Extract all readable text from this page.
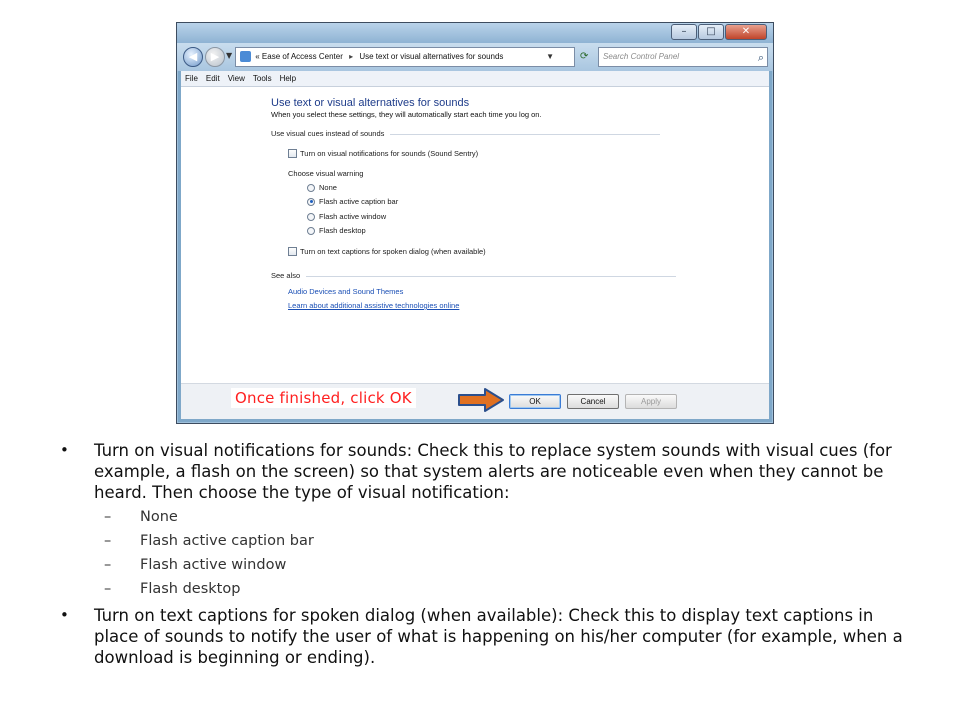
–	□	✕
◀	▶ ▼	« Ease of Access Center ▸ Use text or visual alternatives for sounds	▼	⟳	Search Control Panel	⌕
File	Edit	View	Tools	Help
Use text or visual alternatives for sounds
When you select these settings, they will automatically start each time you log on.
Use visual cues instead of sounds
Turn on visual notifications for sounds (Sound Sentry)
Choose visual warning
None
Flash active caption bar
Flash active window
Flash desktop
Turn on text captions for spoken dialog (when available)
See also
Audio Devices and Sound Themes
Learn about additional assistive technologies online
Once finished, click OK	OK	Cancel	Apply
• Turn on visual notifications for sounds: Check this to replace system sounds with visual cues (for example, a flash on the screen) so that system alerts are noticeable even when they cannot be heard. Then choose the type of visual notification:
– None
– Flash active caption bar
– Flash active window
– Flash desktop
• Turn on text captions for spoken dialog (when available): Check this to display text captions in place of sounds to notify the user of what is happening on his/her computer (for example, when a download is beginning or ending).
